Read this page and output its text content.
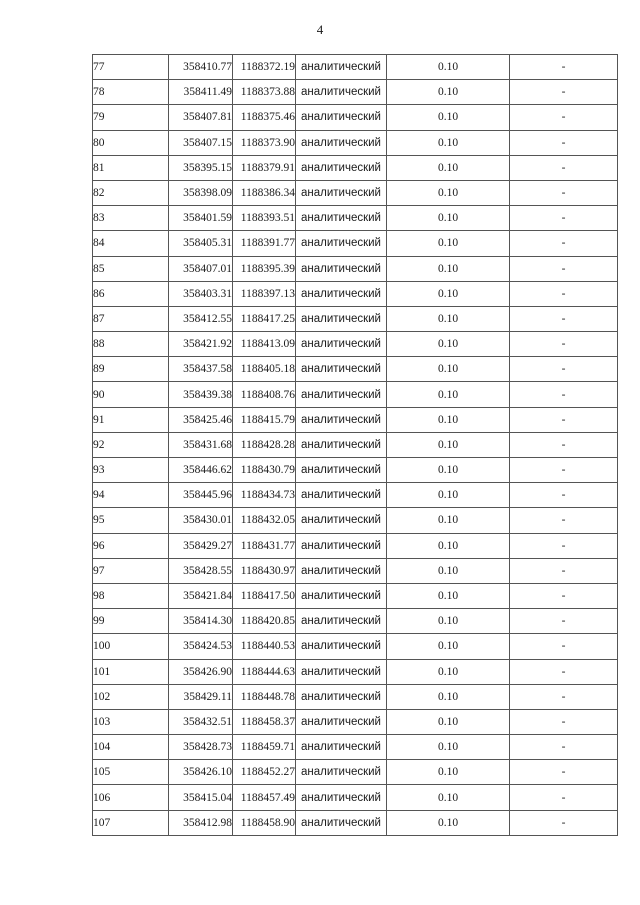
4
77	358410.77	1188372.19	аналитический	0.10	-
78	358411.49	1188373.88	аналитический	0.10	-
79	358407.81	1188375.46	аналитический	0.10	-
80	358407.15	1188373.90	аналитический	0.10	-
81	358395.15	1188379.91	аналитический	0.10	-
82	358398.09	1188386.34	аналитический	0.10	-
83	358401.59	1188393.51	аналитический	0.10	-
84	358405.31	1188391.77	аналитический	0.10	-
85	358407.01	1188395.39	аналитический	0.10	-
86	358403.31	1188397.13	аналитический	0.10	-
87	358412.55	1188417.25	аналитический	0.10	-
88	358421.92	1188413.09	аналитический	0.10	-
89	358437.58	1188405.18	аналитический	0.10	-
90	358439.38	1188408.76	аналитический	0.10	-
91	358425.46	1188415.79	аналитический	0.10	-
92	358431.68	1188428.28	аналитический	0.10	-
93	358446.62	1188430.79	аналитический	0.10	-
94	358445.96	1188434.73	аналитический	0.10	-
95	358430.01	1188432.05	аналитический	0.10	-
96	358429.27	1188431.77	аналитический	0.10	-
97	358428.55	1188430.97	аналитический	0.10	-
98	358421.84	1188417.50	аналитический	0.10	-
99	358414.30	1188420.85	аналитический	0.10	-
100	358424.53	1188440.53	аналитический	0.10	-
101	358426.90	1188444.63	аналитический	0.10	-
102	358429.11	1188448.78	аналитический	0.10	-
103	358432.51	1188458.37	аналитический	0.10	-
104	358428.73	1188459.71	аналитический	0.10	-
105	358426.10	1188452.27	аналитический	0.10	-
106	358415.04	1188457.49	аналитический	0.10	-
107	358412.98	1188458.90	аналитический	0.10	-
